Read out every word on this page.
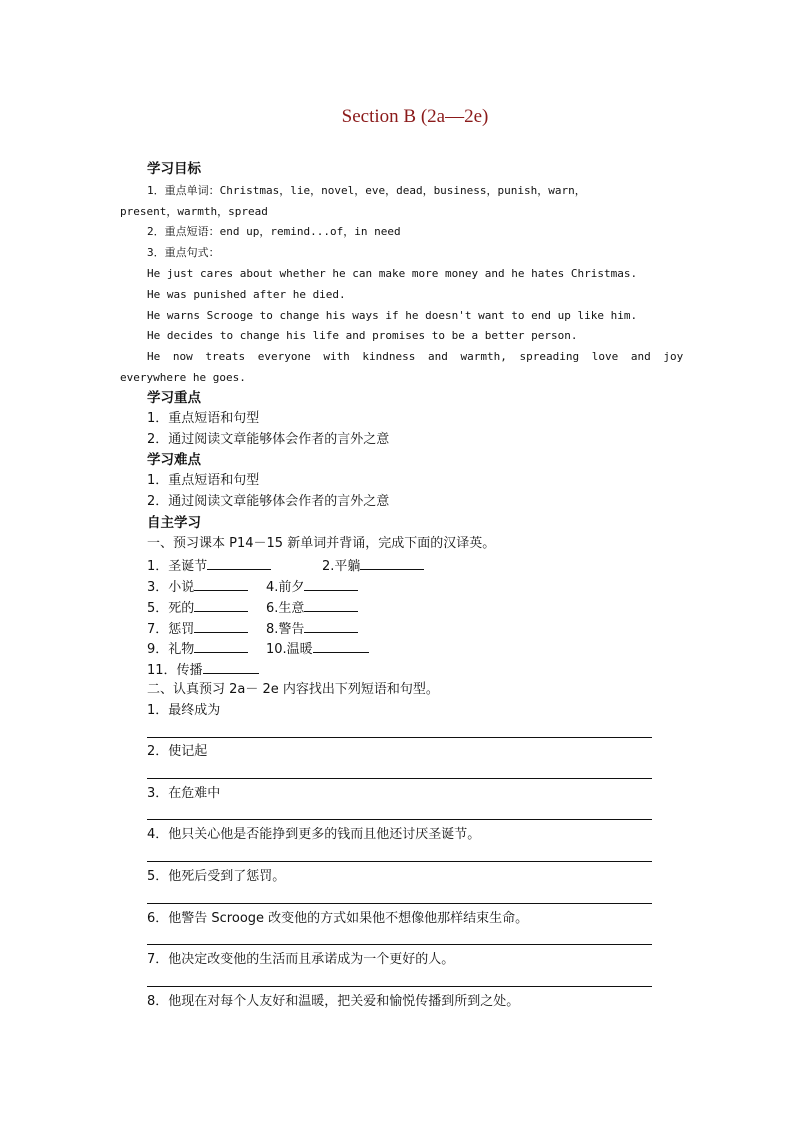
Section B (2a—2e)
学习目标
1．重点单词：Christmas，lie，novel，eve，dead，business，punish，warn，
present，warmth，spread
2．重点短语：end up，remind...of，in need
3．重点句式：
He just cares about whether he can make more money and he hates Christmas.
He was punished after he died.
He warns Scrooge to change his ways if he doesn't want to end up like him.
He decides to change his life and promises to be a better person.
He now treats everyone with kindness and warmth, spreading love and joy
everywhere he goes.
学习重点
1．重点短语和句型
2．通过阅读文章能够体会作者的言外之意
学习难点
1．重点短语和句型
2．通过阅读文章能够体会作者的言外之意
自主学习
一、预习课本 P14－15 新单词并背诵，完成下面的汉译英。
1．圣诞节	2.平躺
3．小说	4.前夕
5．死的	6.生意
7．惩罚	8.警告
9．礼物	10.温暖
11．传播
二、认真预习 2a－ 2e 内容找出下列短语和句型。
1．最终成为
2．使记起
3．在危难中
4．他只关心他是否能挣到更多的钱而且他还讨厌圣诞节。
5．他死后受到了惩罚。
6．他警告 Scrooge 改变他的方式如果他不想像他那样结束生命。
7．他决定改变他的生活而且承诺成为一个更好的人。
8．他现在对每个人友好和温暖，把关爱和愉悦传播到所到之处。
